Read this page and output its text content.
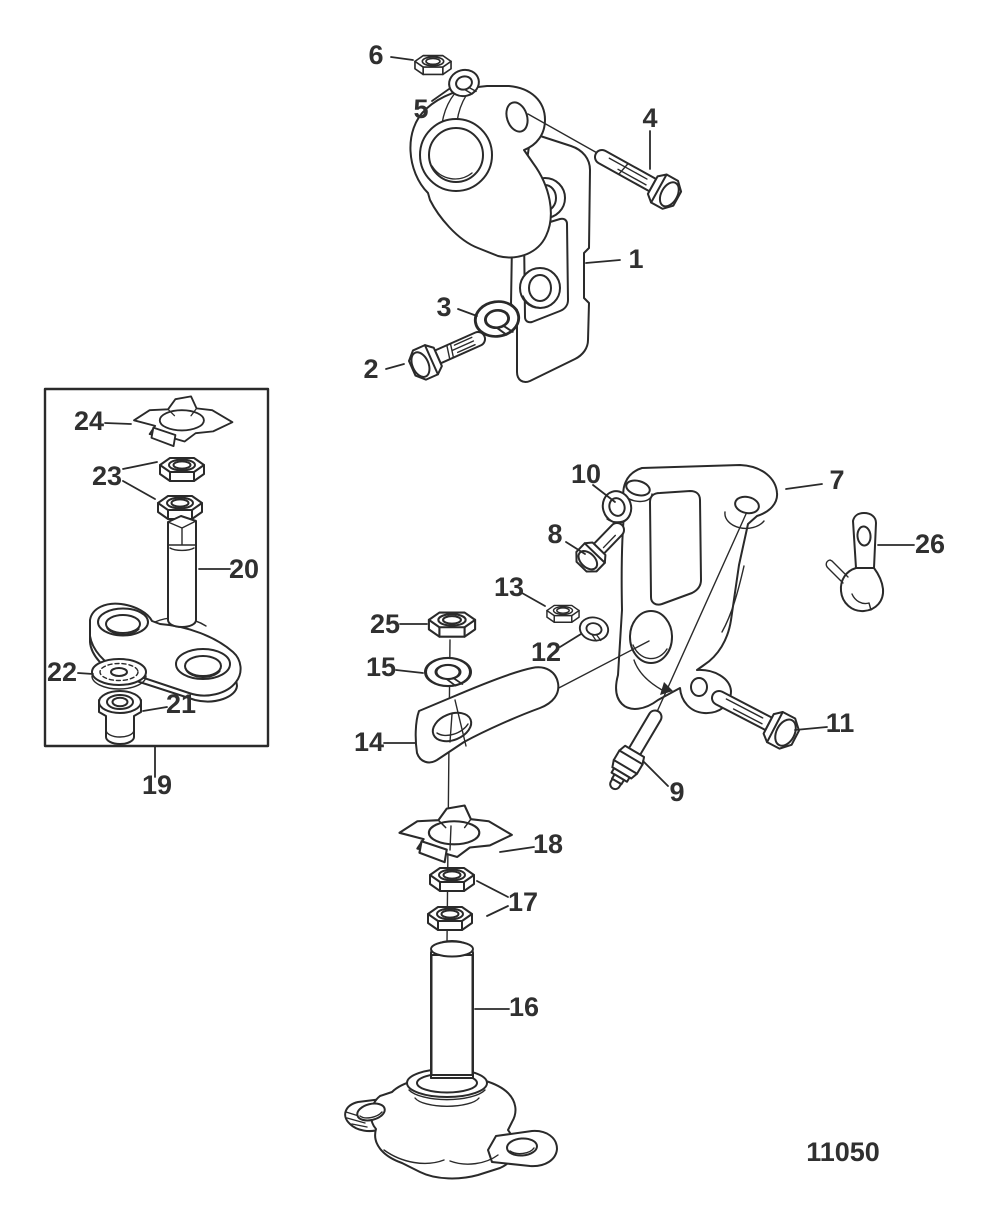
1
2
3
4
5
6
7
8
9
10
11
12
13
14
15
16
17
18
19
20
21
22
23
24
25
26
11050
